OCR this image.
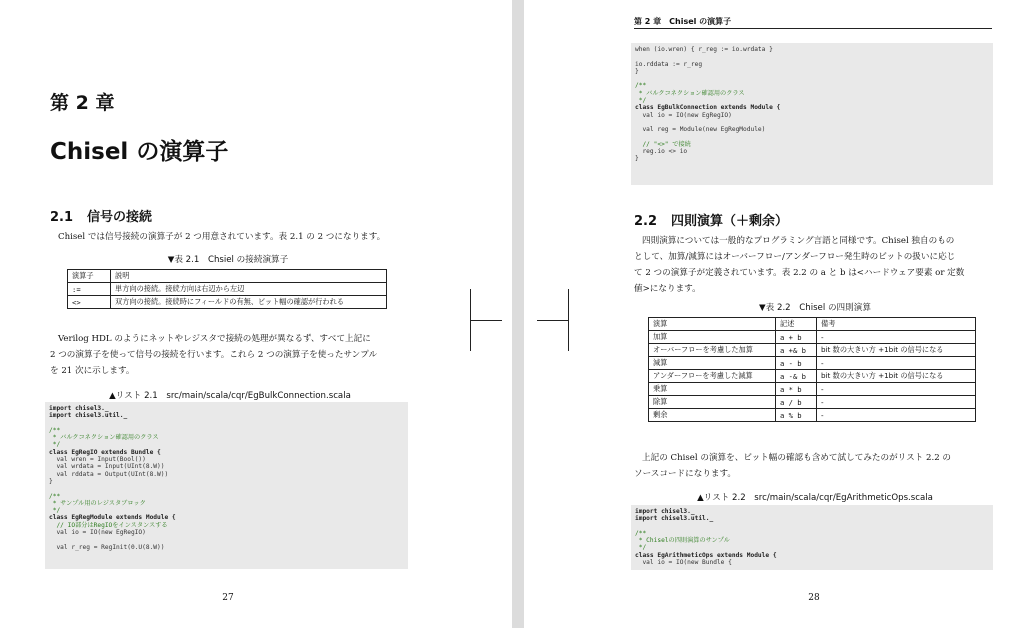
第 2 章
Chisel の演算子
2.1 信号の接続
Chisel では信号接続の演算子が 2 つ用意されています。表 2.1 の 2 つになります。
▼表 2.1　Chsiel の接続演算子
演算子	説明
:=	単方向の接続。接続方向は右辺から左辺
<>	双方向の接続。接続時にフィールドの有無、ビット幅の確認が行われる
Verilog HDL のようにネットやレジスタで接続の処理が異なるず、すべて上記に
2 つの演算子を使って信号の接続を行います。これら 2 つの演算子を使ったサンプル
を 21 次に示します。
▲リスト 2.1　src/main/scala/cqr/EgBulkConnection.scala
import chisel3._
import chisel3.util._

/**
* バルクコネクション確認用のクラス
*/
class EgRegIO extends Bundle {
val wren = Input(Bool())
val wrdata = Input(UInt(8.W))
val rddata = Output(UInt(8.W))
}

/**
* サンプル用のレジスタブロック
*/
class EgRegModule extends Module {
// IO部分はRegIOをインスタンスする
val io = IO(new EgRegIO)

val r_reg = RegInit(0.U(8.W))
27
第 2 章　Chisel の演算子
when (io.wren) { r_reg := io.wrdata }

io.rddata := r_reg
}

/**
* バルクコネクション確認用のクラス
*/
class EgBulkConnection extends Module {
val io = IO(new EgRegIO)

val reg = Module(new EgRegModule)

// "<>" で接続
reg.io <> io
}
2.2 四則演算（＋剰余）
四則演算については一般的なプログラミング言語と同様です。Chisel 独自のもの
として、加算/減算にはオーバーフロー/アンダーフロー発生時のビットの扱いに応じ
て 2 つの演算子が定義されています。表 2.2 の a と b は<ハードウェア要素 or 定数
値>になります。
▼表 2.2　Chisel の四則演算
演算	記述	備考
加算	a + b	-
オーバーフローを考慮した加算	a +& b	bit 数の大きい方 +1bit の信号になる
減算	a - b	-
アンダーフローを考慮した減算	a -& b	bit 数の大きい方 +1bit の信号になる
乗算	a * b	-
除算	a / b	-
剰余	a % b	-
上記の Chisel の演算を、ビット幅の確認も含めて試してみたのがリスト 2.2 の
ソースコードになります。
▲リスト 2.2　src/main/scala/cqr/EgArithmeticOps.scala
import chisel3._
import chisel3.util._

/**
* Chiselの四則演算のサンプル
*/
class EgArithmeticOps extends Module {
val io = IO(new Bundle {
28
